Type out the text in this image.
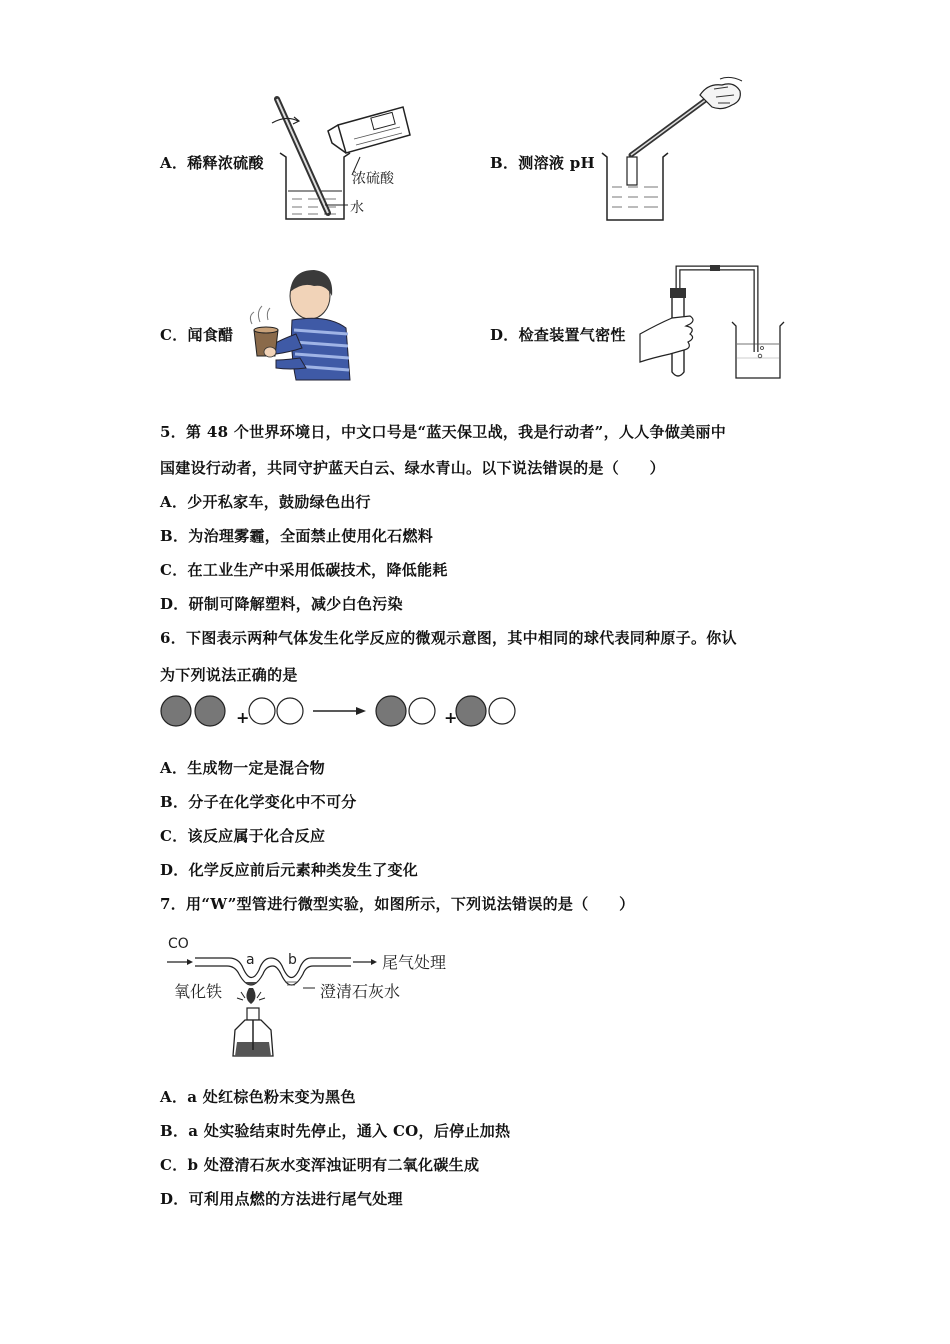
A．稀释浓硫酸
浓硫酸
水
B．测溶液 pH
C．闻食醋	D．检查装置气密性
5．第 48 个世界环境日，中文口号是“蓝天保卫战，我是行动者”，人人争做美丽中
国建设行动者，共同守护蓝天白云、绿水青山。以下说法错误的是（　　）
A．少开私家车，鼓励绿色出行
B．为治理雾霾，全面禁止使用化石燃料
C．在工业生产中采用低碳技术，降低能耗
D．研制可降解塑料，减少白色污染
6．下图表示两种气体发生化学反应的微观示意图，其中相同的球代表同种原子。你认
为下列说法正确的是
+	+
A．生成物一定是混合物
B．分子在化学变化中不可分
C．该反应属于化合反应
D．化学反应前后元素种类发生了变化
7．用“W”型管进行微型实验，如图所示，下列说法错误的是（　　）
CO
a b	尾气处理
氧化铁	澄清石灰水
A．a 处红棕色粉末变为黑色
B．a 处实验结束时先停止，通入 CO，后停止加热
C．b 处澄清石灰水变浑浊证明有二氧化碳生成
D．可利用点燃的方法进行尾气处理
